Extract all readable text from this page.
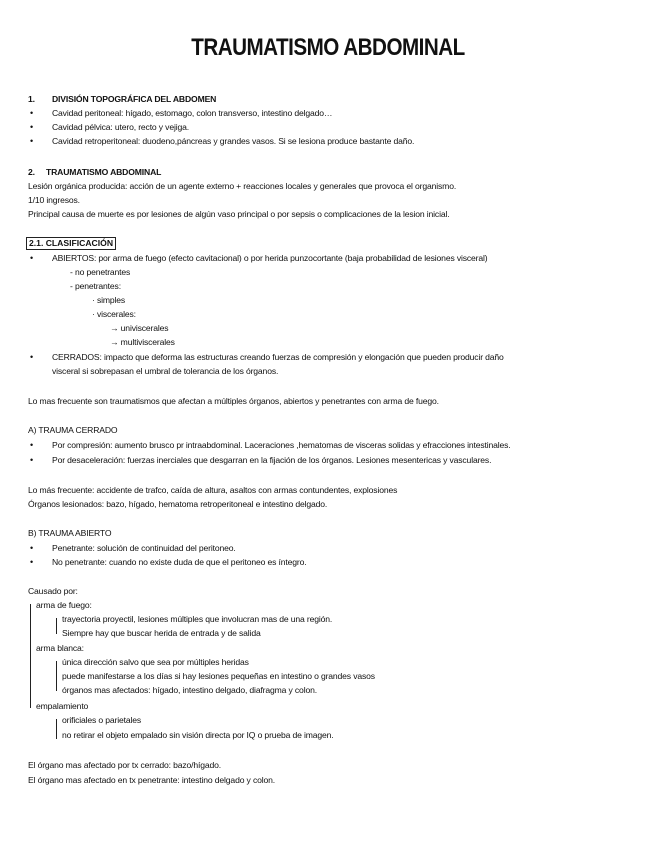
TRAUMATISMO ABDOMINAL
1. DIVISIÓN TOPOGRÁFICA DEL ABDOMEN
• Cavidad peritoneal: hígado, estomago, colon transverso, intestino delgado…
• Cavidad pélvica: utero, recto y vejiga.
• Cavidad retroperitoneal: duodeno,páncreas y grandes vasos. Si se lesiona produce bastante daño.
2. TRAUMATISMO ABDOMINAL
Lesión orgánica producida: acción de un agente externo + reacciones locales y generales que provoca el organismo.
1/10 ingresos.
Principal causa de muerte es por lesiones de algún vaso principal o por sepsis o complicaciones de la lesion inicial.
2.1. CLASIFICACIÓN
• ABIERTOS: por arma de fuego (efecto cavitacional) o por herida punzocortante (baja probabilidad de lesiones visceral)
- no penetrantes
- penetrantes:
· simples
· viscerales:
→ univiscerales
→ multiviscerales
• CERRADOS: impacto que deforma las estructuras creando fuerzas de compresión y elongación que pueden producir daño
visceral si sobrepasan el umbral de tolerancia de los órganos.
Lo mas frecuente son traumatismos que afectan a múltiples órganos, abiertos y penetrantes con arma de fuego.
A) TRAUMA CERRADO
• Por compresión: aumento brusco pr intraabdominal. Laceraciones ,hematomas de visceras solidas y efracciones intestinales.
• Por desaceleración: fuerzas inerciales que desgarran en la fijación de los órganos. Lesiones mesentericas y vasculares.
Lo más frecuente: accidente de trafco, caída de altura, asaltos con armas contundentes, explosiones
Órganos lesionados: bazo, hígado, hematoma retroperitoneal e intestino delgado.
B) TRAUMA ABIERTO
• Penetrante: solución de continuidad del peritoneo.
• No penetrante: cuando no existe duda de que el peritoneo es íntegro.
Causado por:
arma de fuego:
trayectoria proyectil, lesiones múltiples que involucran mas de una región.
Siempre hay que buscar herida de entrada y de salida
arma blanca:
única dirección salvo que sea por múltiples heridas
puede manifestarse a los días si hay lesiones pequeñas en intestino o grandes vasos
órganos mas afectados: hígado, intestino delgado, diafragma y colon.
empalamiento
orificiales o parietales
no retirar el objeto empalado sin visión directa por IQ o prueba de imagen.
El órgano mas afectado por tx cerrado: bazo/hígado.
El órgano mas afectado en tx penetrante: intestino delgado y colon.
